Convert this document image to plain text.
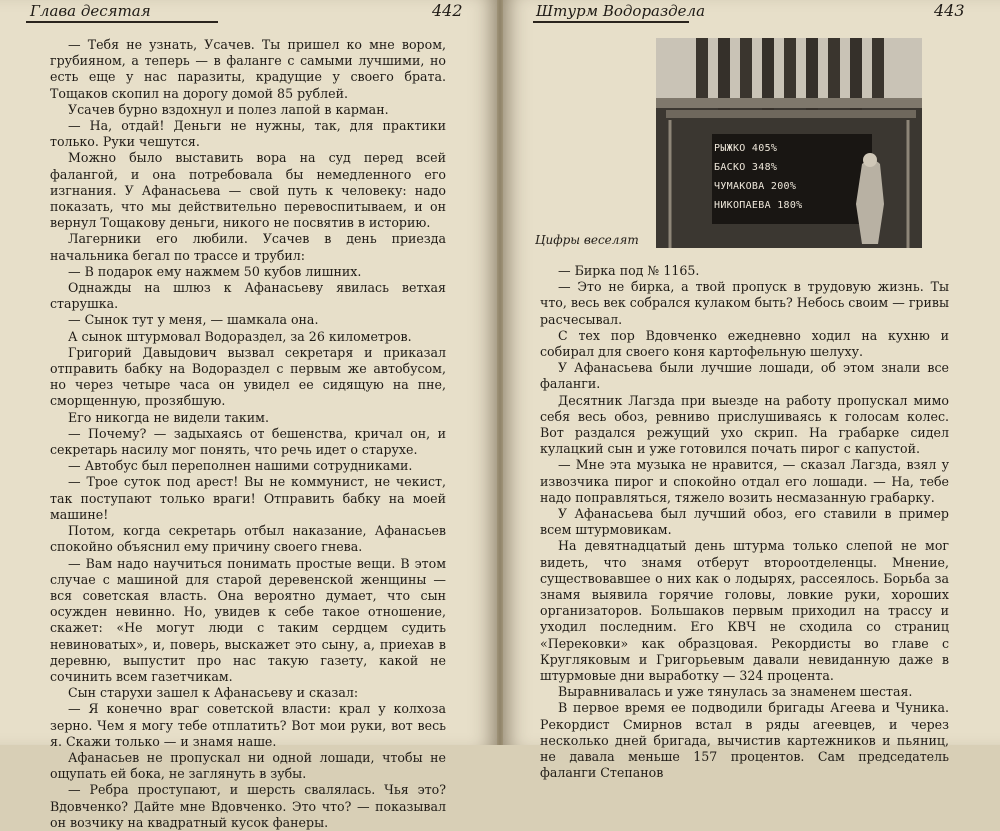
Глава десятая	442

— Тебя не узнать, Усачев. Ты пришел ко мне вором, грубияном, а теперь — в фаланге с самыми лучшими, но есть еще у нас паразиты, крадущие у своего брата. Тощаков скопил на дорогу домой 85 рублей.

Усачев бурно вздохнул и полез лапой в карман.

— На, отдай! Деньги не нужны, так, для практики только. Руки чешутся.

Можно было выставить вора на суд перед всей фалангой, и она потребовала бы немедленного его изгнания. У Афанасьева — свой путь к человеку: надо показать, что мы действительно перевоспитываем, и он вернул Тощакову деньги, никого не посвятив в историю.

Лагерники его любили. Усачев в день приезда начальника бегал по трассе и трубил:

— В подарок ему нажмем 50 кубов лишних.

Однажды на шлюз к Афанасьеву явилась ветхая старушка.

— Сынок тут у меня, — шамкала она.

А сынок штурмовал Водораздел, за 26 километров.

Григорий Давыдович вызвал секретаря и приказал отправить бабку на Водораздел с первым же автобусом, но через четыре часа он увидел ее сидящую на пне, сморщенную, прозябшую.

Его никогда не видели таким.

— Почему? — задыхаясь от бешенства, кричал он, и секретарь насилу мог понять, что речь идет о старухе.

— Автобус был переполнен нашими сотрудниками.

— Трое суток под арест! Вы не коммунист, не чекист, так поступают только враги! Отправить бабку на моей машине!

Потом, когда секретарь отбыл наказание, Афанасьев спокойно объяснил ему причину своего гнева.

— Вам надо научиться понимать простые вещи. В этом случае с машиной для старой деревенской женщины — вся советская власть. Она вероятно думает, что сын осужден невинно. Но, увидев к себе такое отношение, скажет: «Не могут люди с таким сердцем судить невиноватых», и, поверь, выскажет это сыну, а, приехав в деревню, выпустит про нас такую газету, какой не сочинить всем газетчикам.

Сын старухи зашел к Афанасьеву и сказал:

— Я конечно враг советской власти: крал у колхоза зерно. Чем я могу тебе отплатить? Вот мои руки, вот весь я. Скажи только — и знамя наше.

Афанасьев не пропускал ни одной лошади, чтобы не ощупать ей бока, не заглянуть в зубы.

— Ребра проступают, и шерсть свалялась. Чья это? Вдовченко? Дайте мне Вдовченко. Это что? — показывал он возчику на квадратный кусок фанеры.

Штурм Водораздела	443
РЫЖКО 405%
БАСКО 348%
ЧУМАКОВА 200%
НИКОПАЕВА 180%
Цифры веселят

— Бирка под № 1165.

— Это не бирка, а твой пропуск в трудовую жизнь. Ты что, весь век собрался кулаком быть? Небось своим — гривы расчесывал.

С тех пор Вдовченко ежедневно ходил на кухню и собирал для своего коня картофельную шелуху.

У Афанасьева были лучшие лошади, об этом знали все фаланги.

Десятник Лагзда при выезде на работу пропускал мимо себя весь обоз, ревниво прислушиваясь к голосам колес. Вот раздался режущий ухо скрип. На грабарке сидел кулацкий сын и уже готовился почать пирог с капустой.

— Мне эта музыка не нравится, — сказал Лагзда, взял у извозчика пирог и спокойно отдал его лошади. — На, тебе надо поправляться, тяжело возить несмазанную грабарку.

У Афанасьева был лучший обоз, его ставили в пример всем штурмовикам.

На девятнадцатый день штурма только слепой не мог видеть, что знамя отберут второотделенцы. Мнение, существовавшее о них как о лодырях, рассеялось. Борьба за знамя выявила горячие головы, ловкие руки, хороших организаторов. Большаков первым приходил на трассу и уходил последним. Его КВЧ не сходила со страниц «Перековки» как образцовая. Рекордисты во главе с Кругляковым и Григорьевым давали невиданную даже в штурмовые дни выработку — 324 процента.

Выравнивалась и уже тянулась за знаменем шестая.

В первое время ее подводили бригады Агеева и Чуника. Рекордист Смирнов встал в ряды агеевцев, и через несколько дней бригада, вычистив картежников и пьяниц, не давала меньше 157 процентов. Сам председатель фаланги Степанов
